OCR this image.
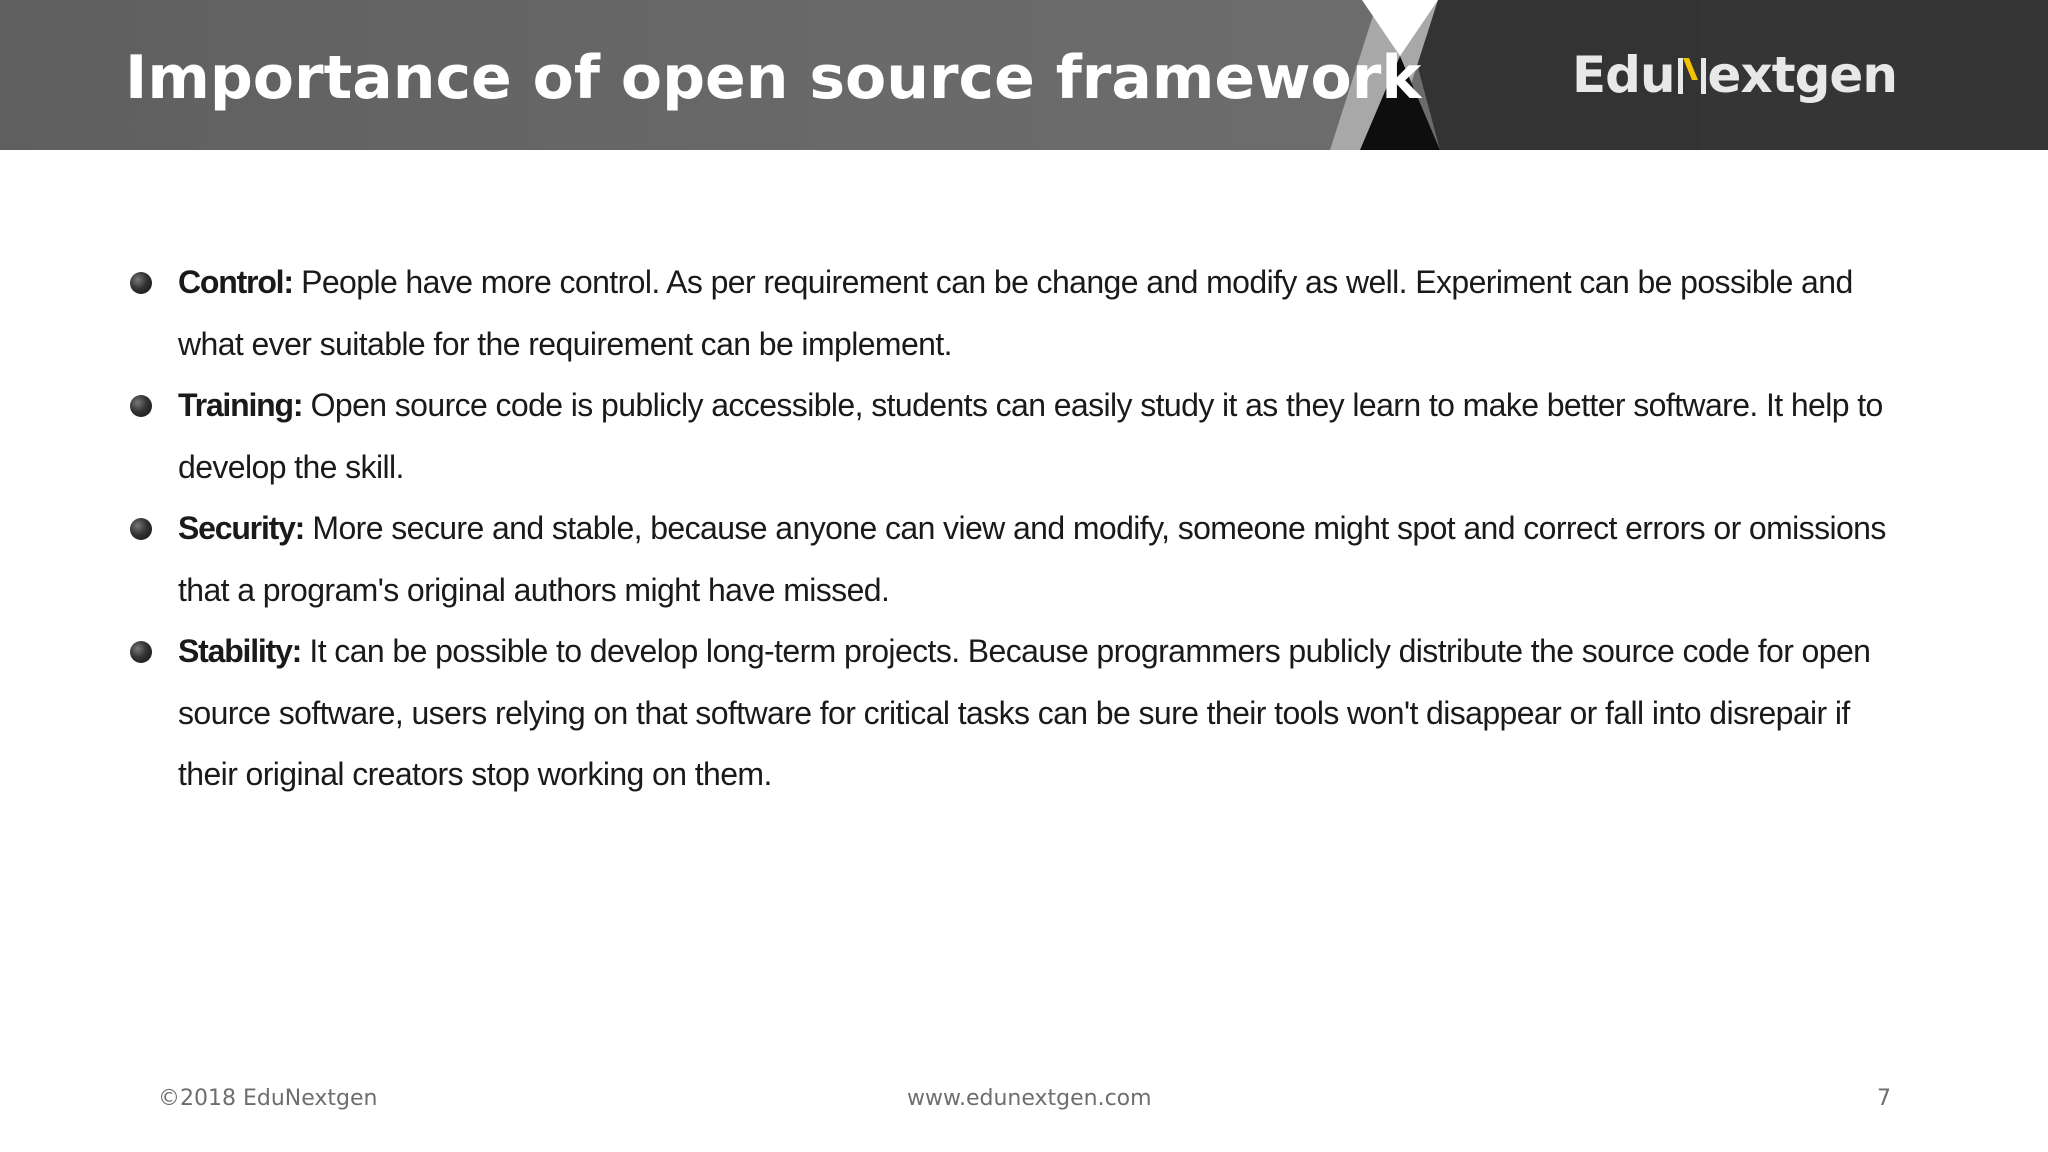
Importance of open source framework	Edu extgen
Control: People have more control. As per requirement can be change and modify as well. Experiment can be possible and what ever suitable for the requirement can be implement.
Training: Open source code is publicly accessible, students can easily study it as they learn to make better software. It help to develop the skill.
Security: More secure and stable, because anyone can view and modify, someone might spot and correct errors or omissions that a program's original authors might have missed.
Stability: It can be possible to develop long-term projects. Because programmers publicly distribute the source code for open source software, users relying on that software for critical tasks can be sure their tools won't disappear or fall into disrepair if their original creators stop working on them.
©2018 EduNextgen	www.edunextgen.com	7
